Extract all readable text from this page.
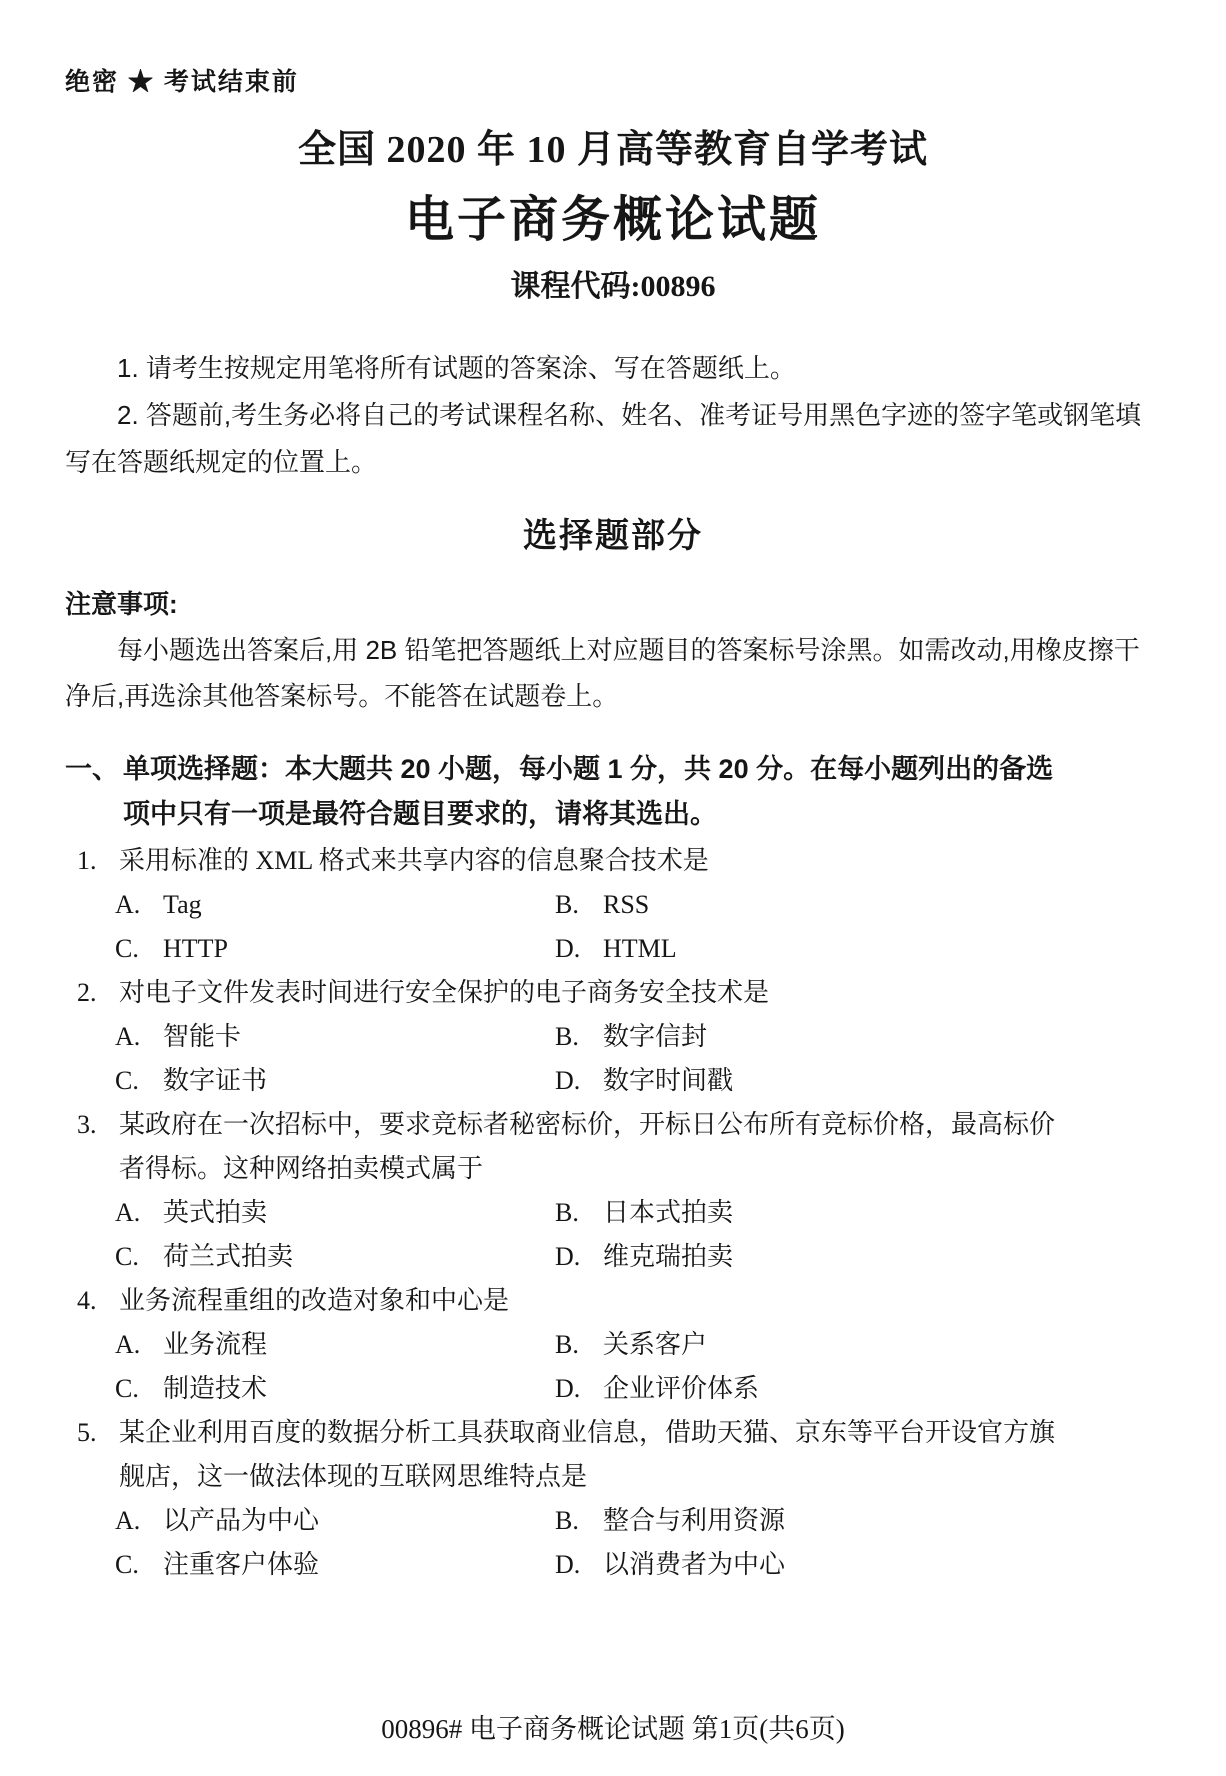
绝密 ★ 考试结束前
全国 2020 年 10 月高等教育自学考试
电子商务概论试题
课程代码:00896

1. 请考生按规定用笔将所有试题的答案涂、写在答题纸上。

2. 答题前,考生务必将自己的考试课程名称、姓名、准考证号用黑色字迹的签字笔或钢笔填写在答题纸规定的位置上。

选择题部分
注意事项:

每小题选出答案后,用 2B 铅笔把答题纸上对应题目的答案标号涂黑。如需改动,用橡皮擦干净后,再选涂其他答案标号。不能答在试题卷上。

一、 单项选择题：本大题共 20 小题，每小题 1 分，共 20 分。在每小题列出的备选项中只有一项是最符合题目要求的，请将其选出。
1. 采用标准的 XML 格式来共享内容的信息聚合技术是
A. Tag	B. RSS
C. HTTP	D. HTML
2. 对电子文件发表时间进行安全保护的电子商务安全技术是
A. 智能卡	B. 数字信封
C. 数字证书	D. 数字时间戳
3. 某政府在一次招标中，要求竞标者秘密标价，开标日公布所有竞标价格，最高标价者得标。这种网络拍卖模式属于
A. 英式拍卖	B. 日本式拍卖
C. 荷兰式拍卖	D. 维克瑞拍卖
4. 业务流程重组的改造对象和中心是
A. 业务流程	B. 关系客户
C. 制造技术	D. 企业评价体系
5. 某企业利用百度的数据分析工具获取商业信息，借助天猫、京东等平台开设官方旗舰店，这一做法体现的互联网思维特点是
A. 以产品为中心	B. 整合与利用资源
C. 注重客户体验	D. 以消费者为中心
00896# 电子商务概论试题 第1页(共6页)
